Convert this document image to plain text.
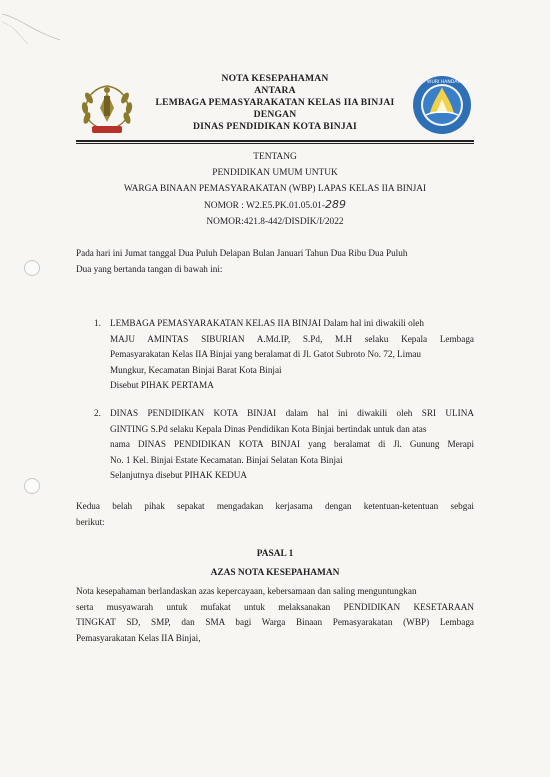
NOTA KESEPAHAMAN
ANTARA
LEMBAGA PEMASYARAKATAN KELAS IIA BINJAI
DENGAN
DINAS PENDIDIKAN KOTA BINJAI
TUT WURI HANDAYANI
TENTANG
PENDIDIKAN UMUM UNTUK
WARGA BINAAN PEMASYARAKATAN (WBP) LAPAS KELAS IIA BINJAI
NOMOR : W2.E5.PK.01.05.01-289
NOMOR:421.8-442/DISDIK/I/2022
Pada hari ini Jumat tanggal Dua Puluh Delapan Bulan Januari Tahun Dua Ribu Dua Puluh
Dua yang bertanda tangan di bawah ini:
1. LEMBAGA PEMASYARAKATAN KELAS IIA BINJAI Dalam hal ini diwakili oleh
MAJU AMINTAS SIBURIAN A.Md.IP, S.Pd, M.H selaku Kepala Lembaga
Pemasyarakatan Kelas IIA Binjai yang beralamat di Jl. Gatot Subroto No. 72, Limau
Mungkur, Kecamatan Binjai Barat Kota Binjai
Disebut PIHAK PERTAMA
2. DINAS PENDIDIKAN KOTA BINJAI dalam hal ini diwakili oleh SRI ULINA
GINTING S.Pd selaku Kepala Dinas Pendidikan Kota Binjai bertindak untuk dan atas
nama DINAS PENDIDIKAN KOTA BINJAI yang beralamat di Jl. Gunung Merapi
No. 1 Kel. Binjai Estate Kecamatan. Binjai Selatan Kota Binjai
Selanjutnya disebut PIHAK KEDUA
Kedua belah pihak sepakat mengadakan kerjasama dengan ketentuan-ketentuan sebgai
berikut:
PASAL 1
AZAS NOTA KESEPAHAMAN
Nota kesepahaman berlandaskan azas kepercayaan, kebersamaan dan saling menguntungkan
serta musyawarah untuk mufakat untuk melaksanakan PENDIDIKAN KESETARAAN
TINGKAT SD, SMP, dan SMA bagi Warga Binaan Pemasyarakatan (WBP) Lembaga
Pemasyarakatan Kelas IIA Binjai,
